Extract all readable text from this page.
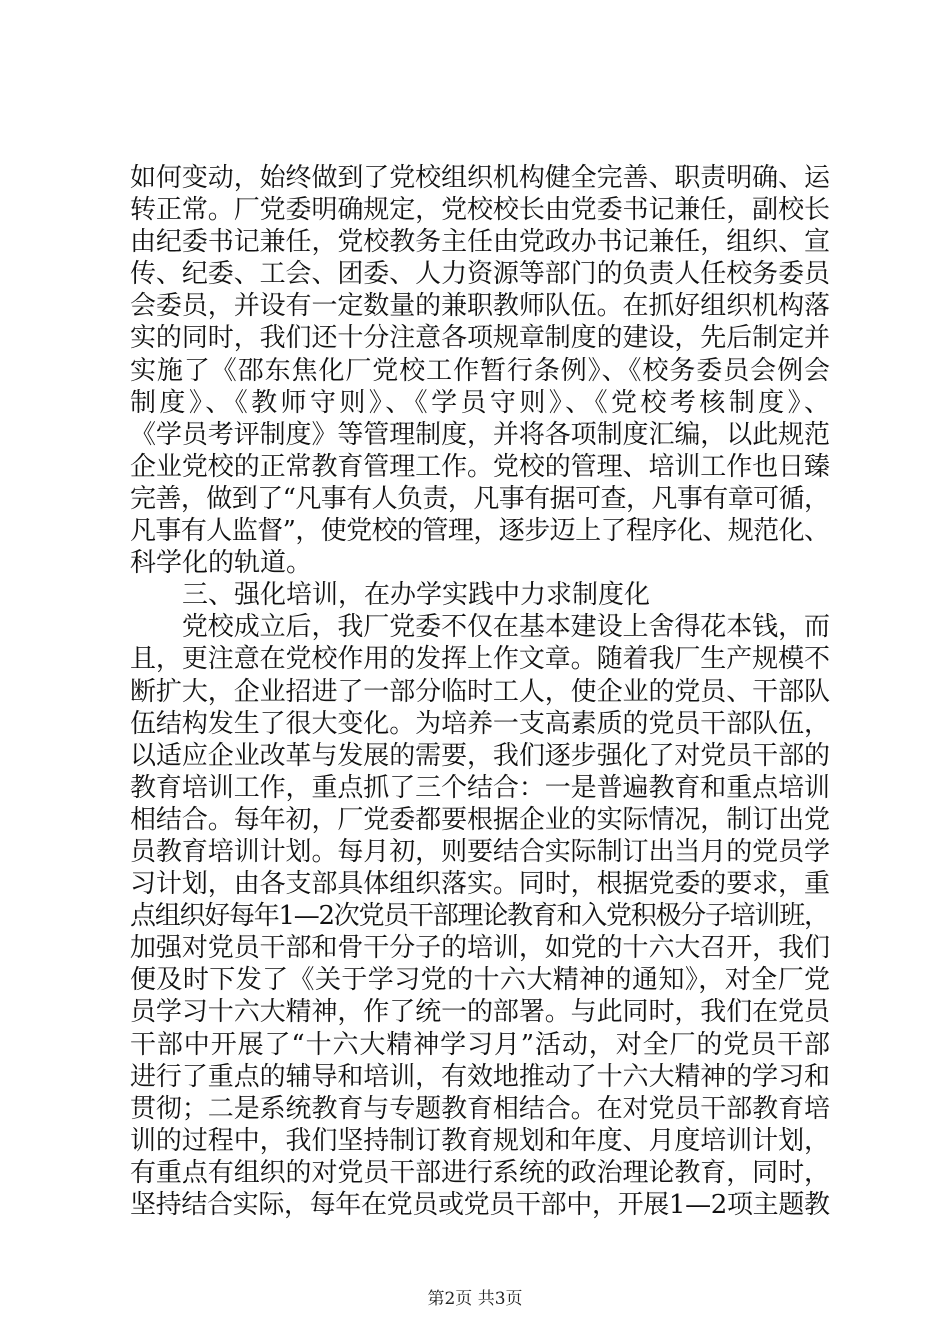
如何变动，始终做到了党校组织机构健全完善、职责明确、运
转正常。厂党委明确规定，党校校长由党委书记兼任，副校长
由纪委书记兼任，党校教务主任由党政办书记兼任，组织、宣
传、纪委、工会、团委、人力资源等部门的负责人任校务委员
会委员，并设有一定数量的兼职教师队伍。在抓好组织机构落
实的同时，我们还十分注意各项规章制度的建设，先后制定并
实施了《邵东焦化厂党校工作暂行条例》、《校务委员会例会
制度》、《教师守则》、《学员守则》、《党校考核制度》、
《学员考评制度》等管理制度，并将各项制度汇编，以此规范
企业党校的正常教育管理工作。党校的管理、培训工作也日臻
完善，做到了“凡事有人负责，凡事有据可查，凡事有章可循，
凡事有人监督”，使党校的管理，逐步迈上了程序化、规范化、
科学化的轨道。
　　三、强化培训，在办学实践中力求制度化
　　党校成立后，我厂党委不仅在基本建设上舍得花本钱，而
且，更注意在党校作用的发挥上作文章。随着我厂生产规模不
断扩大，企业招进了一部分临时工人，使企业的党员、干部队
伍结构发生了很大变化。为培养一支高素质的党员干部队伍，
以适应企业改革与发展的需要，我们逐步强化了对党员干部的
教育培训工作，重点抓了三个结合：一是普遍教育和重点培训
相结合。每年初，厂党委都要根据企业的实际情况，制订出党
员教育培训计划。每月初，则要结合实际制订出当月的党员学
习计划，由各支部具体组织落实。同时，根据党委的要求，重
点组织好每年1—2次党员干部理论教育和入党积极分子培训班，
加强对党员干部和骨干分子的培训，如党的十六大召开，我们
便及时下发了《关于学习党的十六大精神的通知》，对全厂党
员学习十六大精神，作了统一的部署。与此同时，我们在党员
干部中开展了“十六大精神学习月”活动，对全厂的党员干部
进行了重点的辅导和培训，有效地推动了十六大精神的学习和
贯彻；二是系统教育与专题教育相结合。在对党员干部教育培
训的过程中，我们坚持制订教育规划和年度、月度培训计划，
有重点有组织的对党员干部进行系统的政治理论教育，同时，
坚持结合实际，每年在党员或党员干部中，开展1—2项主题教
第2页 共3页
